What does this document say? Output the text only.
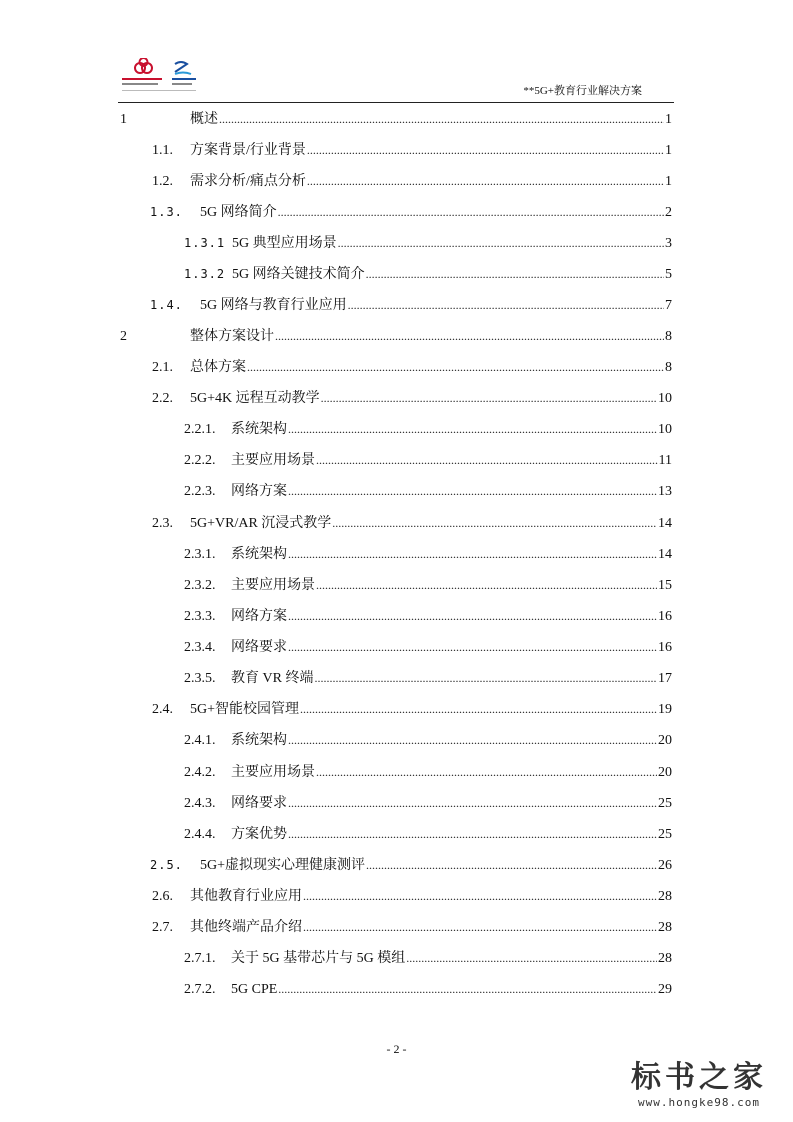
**5G+教育行业解决方案
1	概述 .....	1
1.1.	方案背景/行业背景 .....	1
1.2.	需求分析/痛点分析 .....	1
1.3.	5G 网络简介 .....	2
1.3.1 5G 典型应用场景 .....	3
1.3.2 5G 网络关键技术简介 .....	5
1.4.	5G 网络与教育行业应用 .....	7
2	整体方案设计 .....	8
2.1.	总体方案 .....	8
2.2.	5G+4K 远程互动教学 .....	10
2.2.1.	系统架构 .....	10
2.2.2.	主要应用场景 .....	11
2.2.3.	网络方案 .....	13
2.3.	5G+VR/AR 沉浸式教学 .....	14
2.3.1.	系统架构 .....	14
2.3.2.	主要应用场景 .....	15
2.3.3.	网络方案 .....	16
2.3.4.	网络要求 .....	16
2.3.5.	教育 VR 终端 .....	17
2.4.	5G+智能校园管理 .....	19
2.4.1.	系统架构 .....	20
2.4.2.	主要应用场景 .....	20
2.4.3.	网络要求 .....	25
2.4.4.	方案优势 .....	25
2.5.	5G+虚拟现实心理健康测评 .....	26
2.6.	其他教育行业应用 .....	28
2.7.	其他终端产品介绍 .....	28
2.7.1.	关于 5G 基带芯片与 5G 模组 .....	28
2.7.2.	5G CPE .....	29
- 2 -
标书之家
www.hongke98.com
